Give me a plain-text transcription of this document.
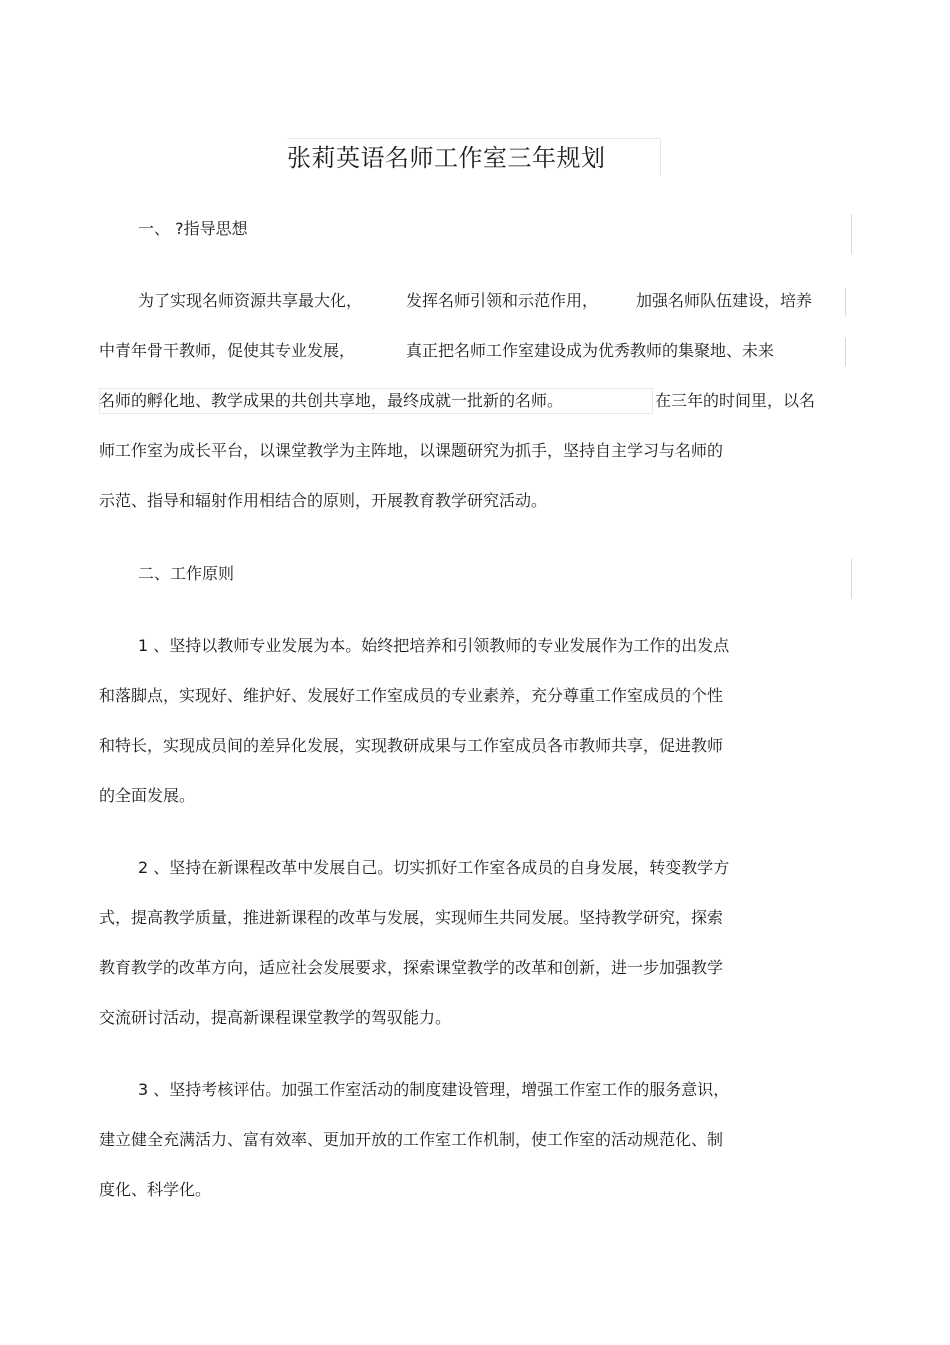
张莉英语名师工作室三年规划
一、 ?指导思想
为了实现名师资源共享最大化，	发挥名师引领和示范作用， 加强名师队伍建设，培养
中青年骨干教师，促使其专业发展，	真正把名师工作室建设成为优秀教师的集聚地、未来
名师的孵化地、教学成果的共创共享地，最终成就一批新的名师。	在三年的时间里，以名
师工作室为成长平台，以课堂教学为主阵地，以课题研究为抓手，坚持自主学习与名师的
示范、指导和辐射作用相结合的原则，开展教育教学研究活动。
二、工作原则
1 、坚持以教师专业发展为本。始终把培养和引领教师的专业发展作为工作的出发点
和落脚点，实现好、维护好、发展好工作室成员的专业素养，充分尊重工作室成员的个性
和特长，实现成员间的差异化发展，实现教研成果与工作室成员各市教师共享，促进教师
的全面发展。
2 、坚持在新课程改革中发展自己。切实抓好工作室各成员的自身发展，转变教学方
式，提高教学质量，推进新课程的改革与发展，实现师生共同发展。坚持教学研究，探索
教育教学的改革方向，适应社会发展要求，探索课堂教学的改革和创新，进一步加强教学
交流研讨活动，提高新课程课堂教学的驾驭能力。
3 、坚持考核评估。加强工作室活动的制度建设管理，增强工作室工作的服务意识，
建立健全充满活力、富有效率、更加开放的工作室工作机制，使工作室的活动规范化、制
度化、科学化。
